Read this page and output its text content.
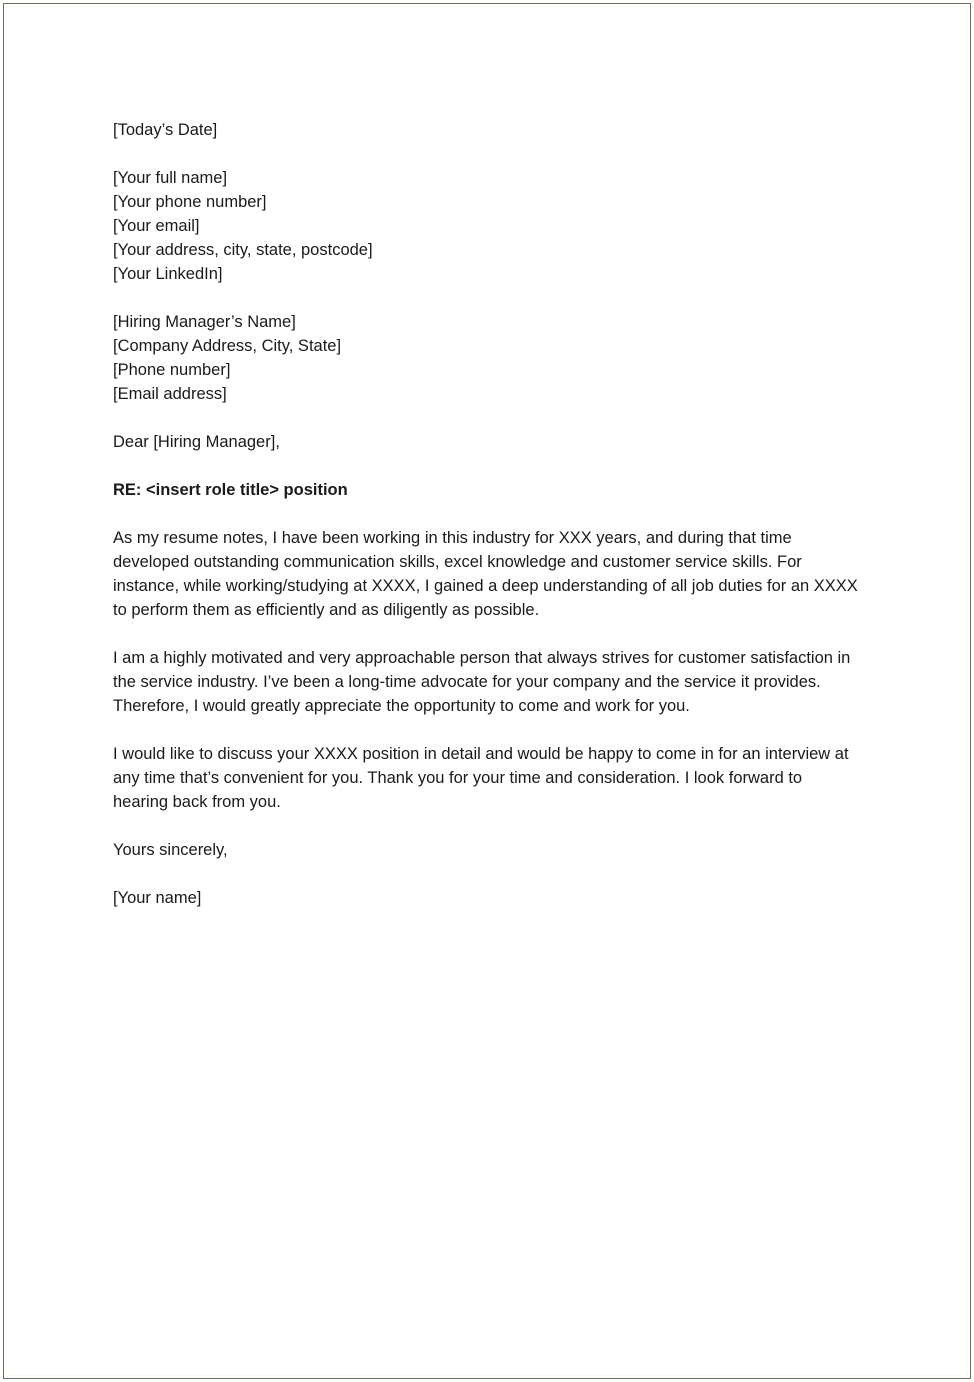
[Today’s Date]
[Your full name]
[Your phone number]
[Your email]
[Your address, city, state, postcode]
[Your LinkedIn]
[Hiring Manager’s Name]
[Company Address, City, State]
[Phone number]
[Email address]
Dear [Hiring Manager],
RE: <insert role title> position

As my resume notes, I have been working in this industry for XXX years, and during that time developed outstanding communication skills, excel knowledge and customer service skills. For instance, while working/studying at XXXX, I gained a deep understanding of all job duties for an XXXX to perform them as efficiently and as diligently as possible.

I am a highly motivated and very approachable person that always strives for customer satisfaction in the service industry. I’ve been a long-time advocate for your company and the service it provides. Therefore, I would greatly appreciate the opportunity to come and work for you.

I would like to discuss your XXXX position in detail and would be happy to come in for an interview at any time that’s convenient for you. Thank you for your time and consideration. I look forward to hearing back from you.

Yours sincerely,
[Your name]
